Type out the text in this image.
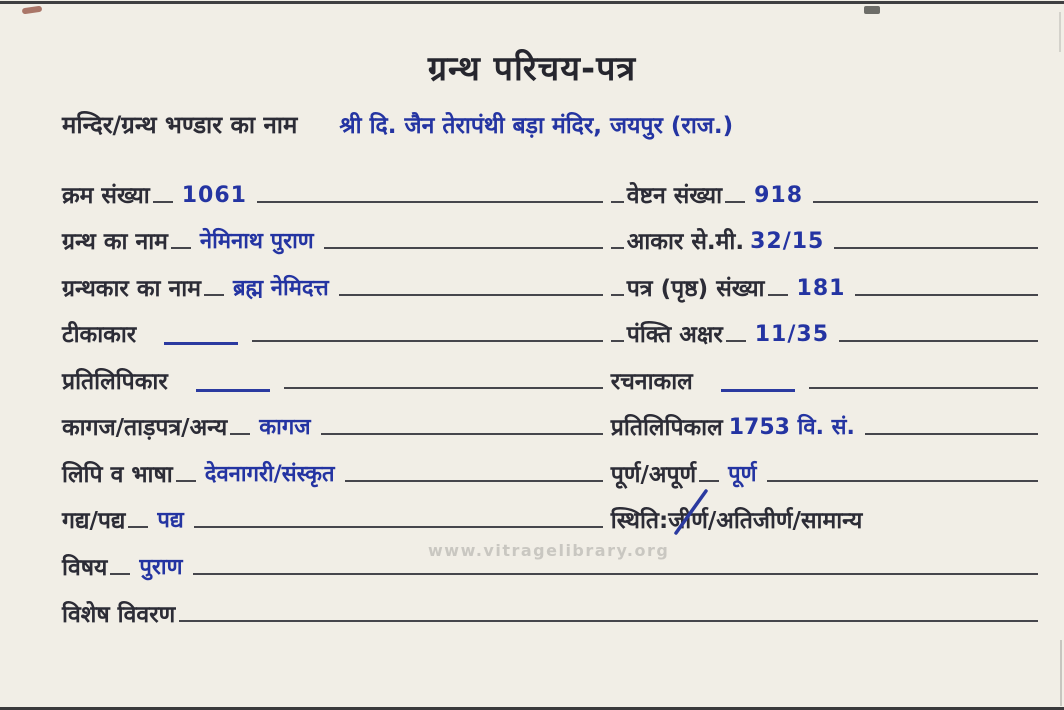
ग्रन्थ परिचय-पत्र
मन्दिर/ग्रन्थ भण्डार का नाम श्री दि. जैन तेरापंथी बड़ा मंदिर, जयपुर (राज.)
क्रम संख्या 1061	वेष्टन संख्या 918
ग्रन्थ का नाम नेमिनाथ पुराण	आकार से.मी. 32/15
ग्रन्थकार का नाम ब्रह्म नेमिदत्त	पत्र (पृष्ठ) संख्या 181
टीकाकार	पंक्ति अक्षर 11/35
प्रतिलिपिकार	रचनाकाल
कागज/ताड़पत्र/अन्य कागज	प्रतिलिपिकाल 1753 वि. सं.
लिपि व भाषा देवनागरी/संस्कृत	पूर्ण/अपूर्ण पूर्ण
गद्य/पद्य पद्य	स्थिति: जीर्ण /अतिजीर्ण/सामान्य
विषय पुराण
विशेष विवरण
www.vitragelibrary.org
